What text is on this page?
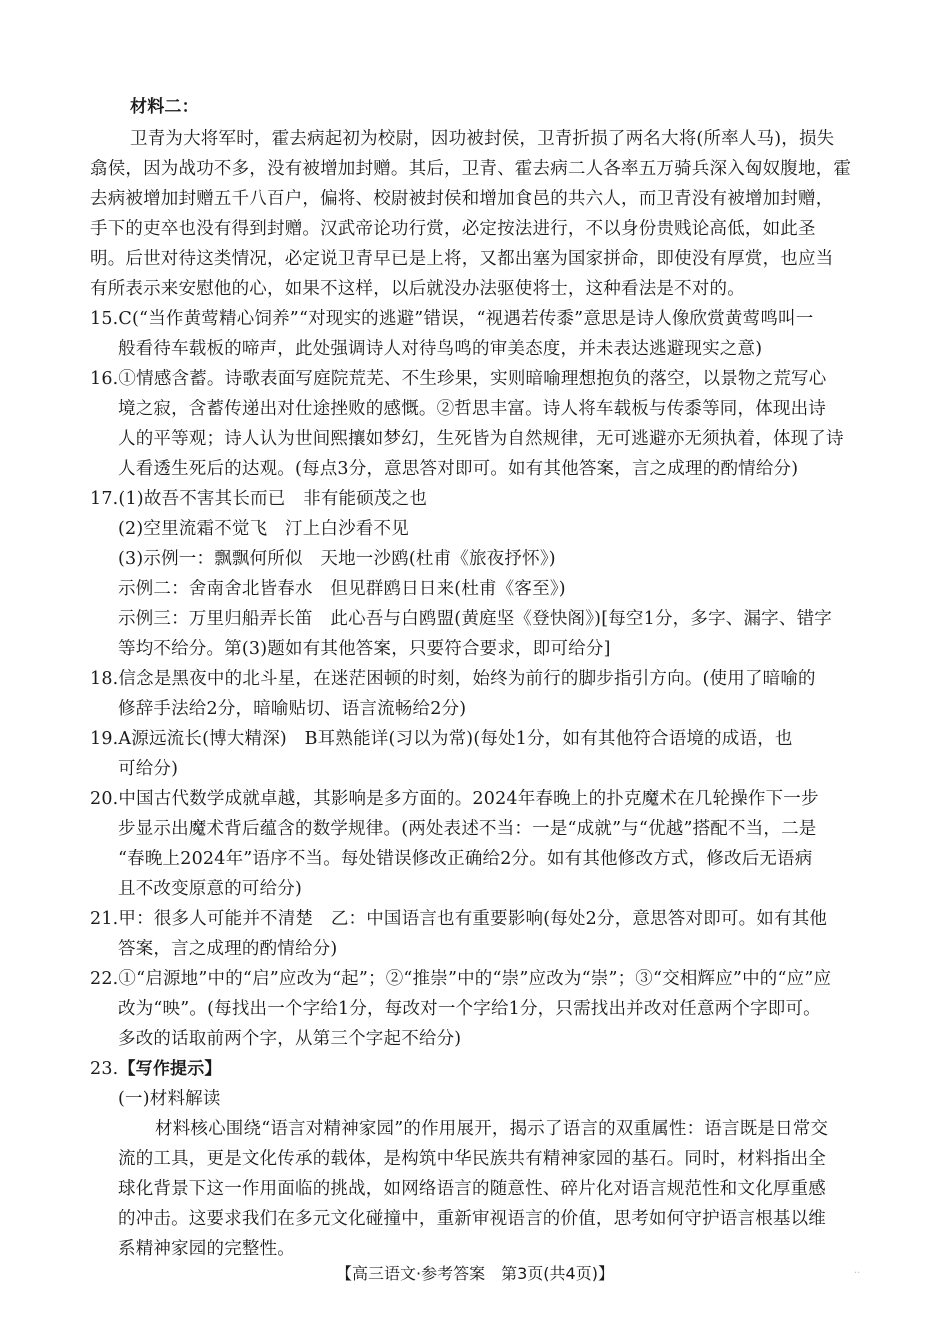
材料二：
卫青为大将军时，霍去病起初为校尉，因功被封侯，卫青折损了两名大将(所率人马)，损失
翕侯，因为战功不多，没有被增加封赠。其后，卫青、霍去病二人各率五万骑兵深入匈奴腹地，霍
去病被增加封赠五千八百户，偏将、校尉被封侯和增加食邑的共六人，而卫青没有被增加封赠，
手下的吏卒也没有得到封赠。汉武帝论功行赏，必定按法进行，不以身份贵贱论高低，如此圣
明。后世对待这类情况，必定说卫青早已是上将，又都出塞为国家拼命，即使没有厚赏，也应当
有所表示来安慰他的心，如果不这样，以后就没办法驱使将士，这种看法是不对的。
15.C(“当作黄莺精心饲养”“对现实的逃避”错误，“视遇若传黍”意思是诗人像欣赏黄莺鸣叫一
般看待车载板的啼声，此处强调诗人对待鸟鸣的审美态度，并未表达逃避现实之意)
16.①情感含蓄。诗歌表面写庭院荒芜、不生珍果，实则暗喻理想抱负的落空，以景物之荒写心
境之寂，含蓄传递出对仕途挫败的感慨。②哲思丰富。诗人将车载板与传黍等同，体现出诗
人的平等观；诗人认为世间熙攘如梦幻，生死皆为自然规律，无可逃避亦无须执着，体现了诗
人看透生死后的达观。(每点3分，意思答对即可。如有其他答案，言之成理的酌情给分)
17.(1)故吾不害其长而已　非有能硕茂之也
(2)空里流霜不觉飞　汀上白沙看不见
(3)示例一：飘飘何所似　天地一沙鸥(杜甫《旅夜抒怀》)
示例二：舍南舍北皆春水　但见群鸥日日来(杜甫《客至》)
示例三：万里归船弄长笛　此心吾与白鸥盟(黄庭坚《登快阁》)[每空1分，多字、漏字、错字
等均不给分。第(3)题如有其他答案，只要符合要求，即可给分]
18.信念是黑夜中的北斗星，在迷茫困顿的时刻，始终为前行的脚步指引方向。(使用了暗喻的
修辞手法给2分，暗喻贴切、语言流畅给2分)
19.A源远流长(博大精深)　B耳熟能详(习以为常)(每处1分，如有其他符合语境的成语，也
可给分)
20.中国古代数学成就卓越，其影响是多方面的。2024年春晚上的扑克魔术在几轮操作下一步
步显示出魔术背后蕴含的数学规律。(两处表述不当：一是“成就”与“优越”搭配不当，二是
“春晚上2024年”语序不当。每处错误修改正确给2分。如有其他修改方式，修改后无语病
且不改变原意的可给分)
21.甲：很多人可能并不清楚　乙：中国语言也有重要影响(每处2分，意思答对即可。如有其他
答案，言之成理的酌情给分)
22.①“启源地”中的“启”应改为“起”；②“推崇”中的“崇”应改为“崇”；③“交相辉应”中的“应”应
改为“映”。(每找出一个字给1分，每改对一个字给1分，只需找出并改对任意两个字即可。
多改的话取前两个字，从第三个字起不给分)
23.【写作提示】
(一)材料解读
材料核心围绕“语言对精神家园”的作用展开，揭示了语言的双重属性：语言既是日常交
流的工具，更是文化传承的载体，是构筑中华民族共有精神家园的基石。同时，材料指出全
球化背景下这一作用面临的挑战，如网络语言的随意性、碎片化对语言规范性和文化厚重感
的冲击。这要求我们在多元文化碰撞中，重新审视语言的价值，思考如何守护语言根基以维
系精神家园的完整性。
【高三语文·参考答案　第3页(共4页)】	··
